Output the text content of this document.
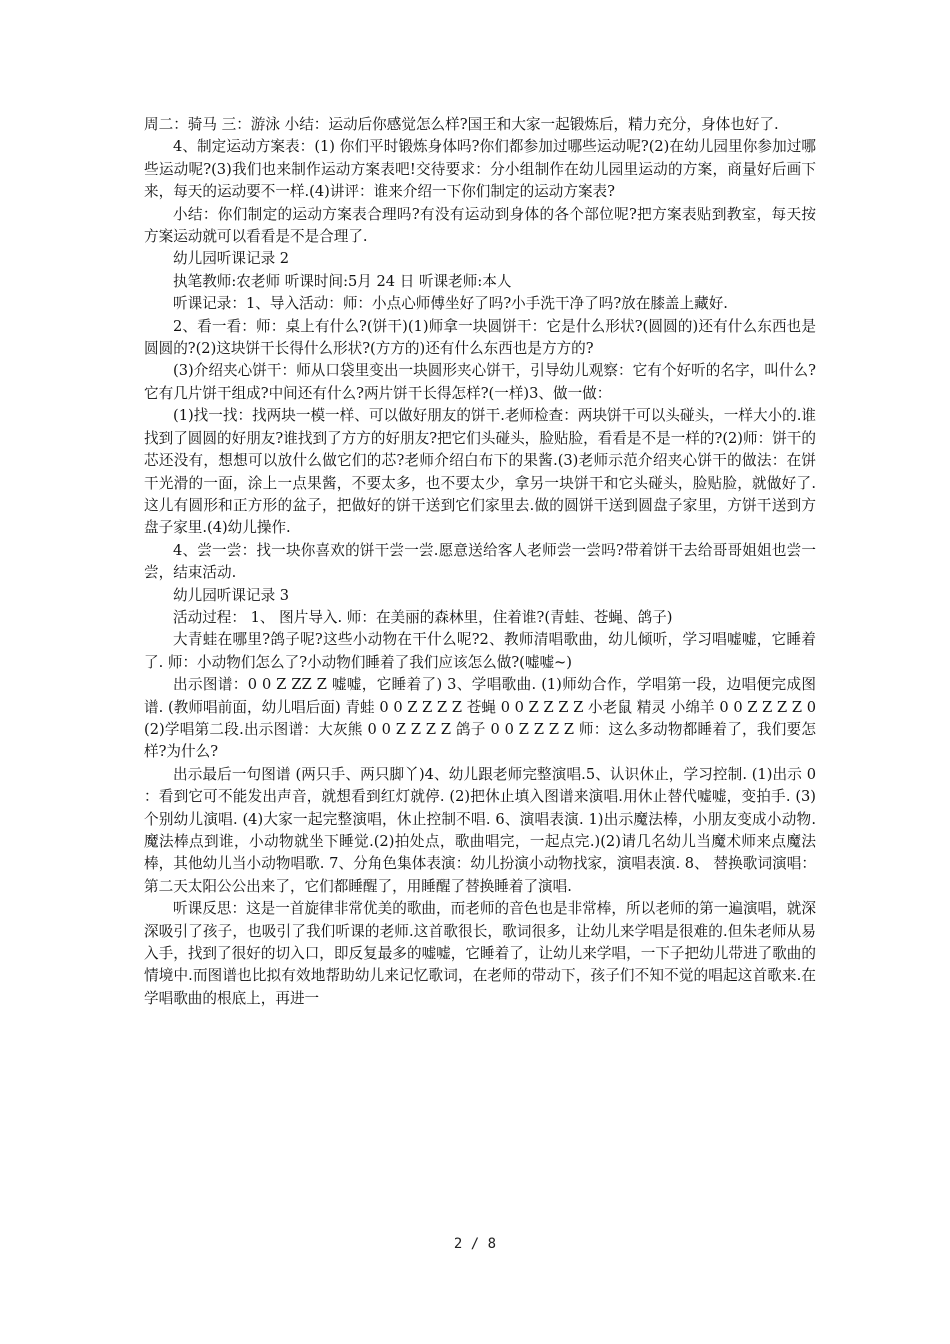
周二：骑马 三：游泳 小结：运动后你感觉怎么样?国王和大家一起锻炼后，精力充分，身体也好了.

4、制定运动方案表：(1) 你们平时锻炼身体吗?你们都参加过哪些运动呢?(2)在幼儿园里你参加过哪些运动呢?(3)我们也来制作运动方案表吧!交待要求：分小组制作在幼儿园里运动的方案，商量好后画下来，每天的运动要不一样.(4)讲评：谁来介绍一下你们制定的运动方案表?

小结：你们制定的运动方案表合理吗?有没有运动到身体的各个部位呢?把方案表贴到教室，每天按方案运动就可以看看是不是合理了.

幼儿园听课记录 2

执笔教师:农老师 听课时间:5月 24 日 听课老师:本人

听课记录：1、导入活动：师：小点心师傅坐好了吗?小手洗干净了吗?放在膝盖上藏好.

2、看一看：师：桌上有什么?(饼干)(1)师拿一块圆饼干：它是什么形状?(圆圆的)还有什么东西也是圆圆的?(2)这块饼干长得什么形状?(方方的)还有什么东西也是方方的?

(3)介绍夹心饼干：师从口袋里变出一块圆形夹心饼干，引导幼儿观察：它有个好听的名字，叫什么?它有几片饼干组成?中间还有什么?两片饼干长得怎样?(一样)3、做一做：

(1)找一找：找两块一模一样、可以做好朋友的饼干.老师检查：两块饼干可以头碰头，一样大小的.谁找到了圆圆的好朋友?谁找到了方方的好朋友?把它们头碰头，脸贴脸，看看是不是一样的?(2)师：饼干的芯还没有，想想可以放什么做它们的芯?老师介绍白布下的果酱.(3)老师示范介绍夹心饼干的做法：在饼干光滑的一面，涂上一点果酱，不要太多，也不要太少，拿另一块饼干和它头碰头，脸贴脸，就做好了.这儿有圆形和正方形的盆子，把做好的饼干送到它们家里去.做的圆饼干送到圆盘子家里，方饼干送到方盘子家里.(4)幼儿操作.

4、尝一尝：找一块你喜欢的饼干尝一尝.愿意送给客人老师尝一尝吗?带着饼干去给哥哥姐姐也尝一尝，结束活动.

幼儿园听课记录 3

活动过程： 1、 图片导入. 师：在美丽的森林里，住着谁?(青蛙、苍蝇、鸽子)

大青蛙在哪里?鸽子呢?这些小动物在干什么呢?2、教师清唱歌曲，幼儿倾听，学习唱嘘嘘，它睡着了. 师：小动物们怎么了?小动物们睡着了我们应该怎么做?(嘘嘘~)

出示图谱：0 0 Z ZZ Z 嘘嘘，它睡着了) 3、学唱歌曲. (1)师幼合作，学唱第一段，边唱便完成图谱. (教师唱前面，幼儿唱后面) 青蛙 0 0 Z Z Z Z 苍蝇 0 0 Z Z Z Z 小老鼠 精灵 小绵羊 0 0 Z Z Z Z 0 (2)学唱第二段.出示图谱：大灰熊 0 0 Z Z Z Z 鸽子 0 0 Z Z Z Z 师：这么多动物都睡着了，我们要怎样?为什么?

出示最后一句图谱 (两只手、两只脚丫)4、幼儿跟老师完整演唱.5、认识休止，学习控制. (1)出示 0 ：看到它可不能发出声音，就想看到红灯就停. (2)把休止填入图谱来演唱.用休止替代嘘嘘，变拍手. (3)个别幼儿演唱. (4)大家一起完整演唱，休止控制不唱. 6、演唱表演. 1)出示魔法棒，小朋友变成小动物.魔法棒点到谁，小动物就坐下睡觉.(2)拍处点，歌曲唱完，一起点完.)(2)请几名幼儿当魔术师来点魔法棒，其他幼儿当小动物唱歌. 7、分角色集体表演：幼儿扮演小动物找家，演唱表演. 8、 替换歌词演唱：第二天太阳公公出来了，它们都睡醒了，用睡醒了替换睡着了演唱.

听课反思：这是一首旋律非常优美的歌曲，而老师的音色也是非常棒，所以老师的第一遍演唱，就深深吸引了孩子，也吸引了我们听课的老师.这首歌很长，歌词很多，让幼儿来学唱是很难的.但朱老师从易入手，找到了很好的切入口，即反复最多的嘘嘘，它睡着了，让幼儿来学唱，一下子把幼儿带进了歌曲的情境中.而图谱也比拟有效地帮助幼儿来记忆歌词，在老师的带动下，孩子们不知不觉的唱起这首歌来.在学唱歌曲的根底上，再进一

2 / 8
